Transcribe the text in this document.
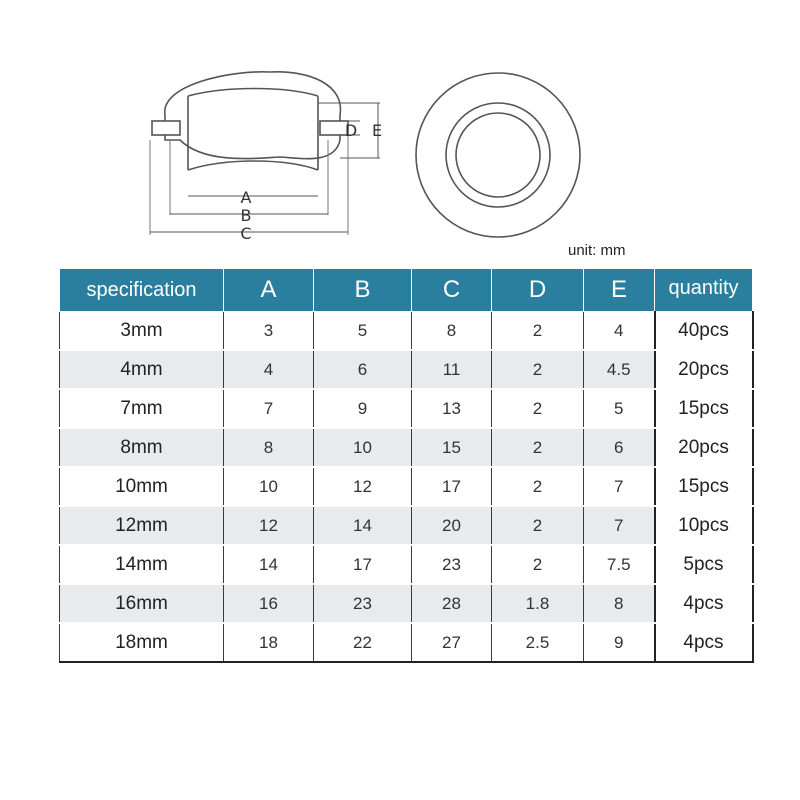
A
B
C
D E
unit: mm
specification	A	B	C	D	E	quantity
3mm	3	5	8	2	4	40pcs
4mm	4	6	11	2	4.5	20pcs
7mm	7	9	13	2	5	15pcs
8mm	8	10	15	2	6	20pcs
10mm	10	12	17	2	7	15pcs
12mm	12	14	20	2	7	10pcs
14mm	14	17	23	2	7.5	5pcs
16mm	16	23	28	1.8	8	4pcs
18mm	18	22	27	2.5	9	4pcs
